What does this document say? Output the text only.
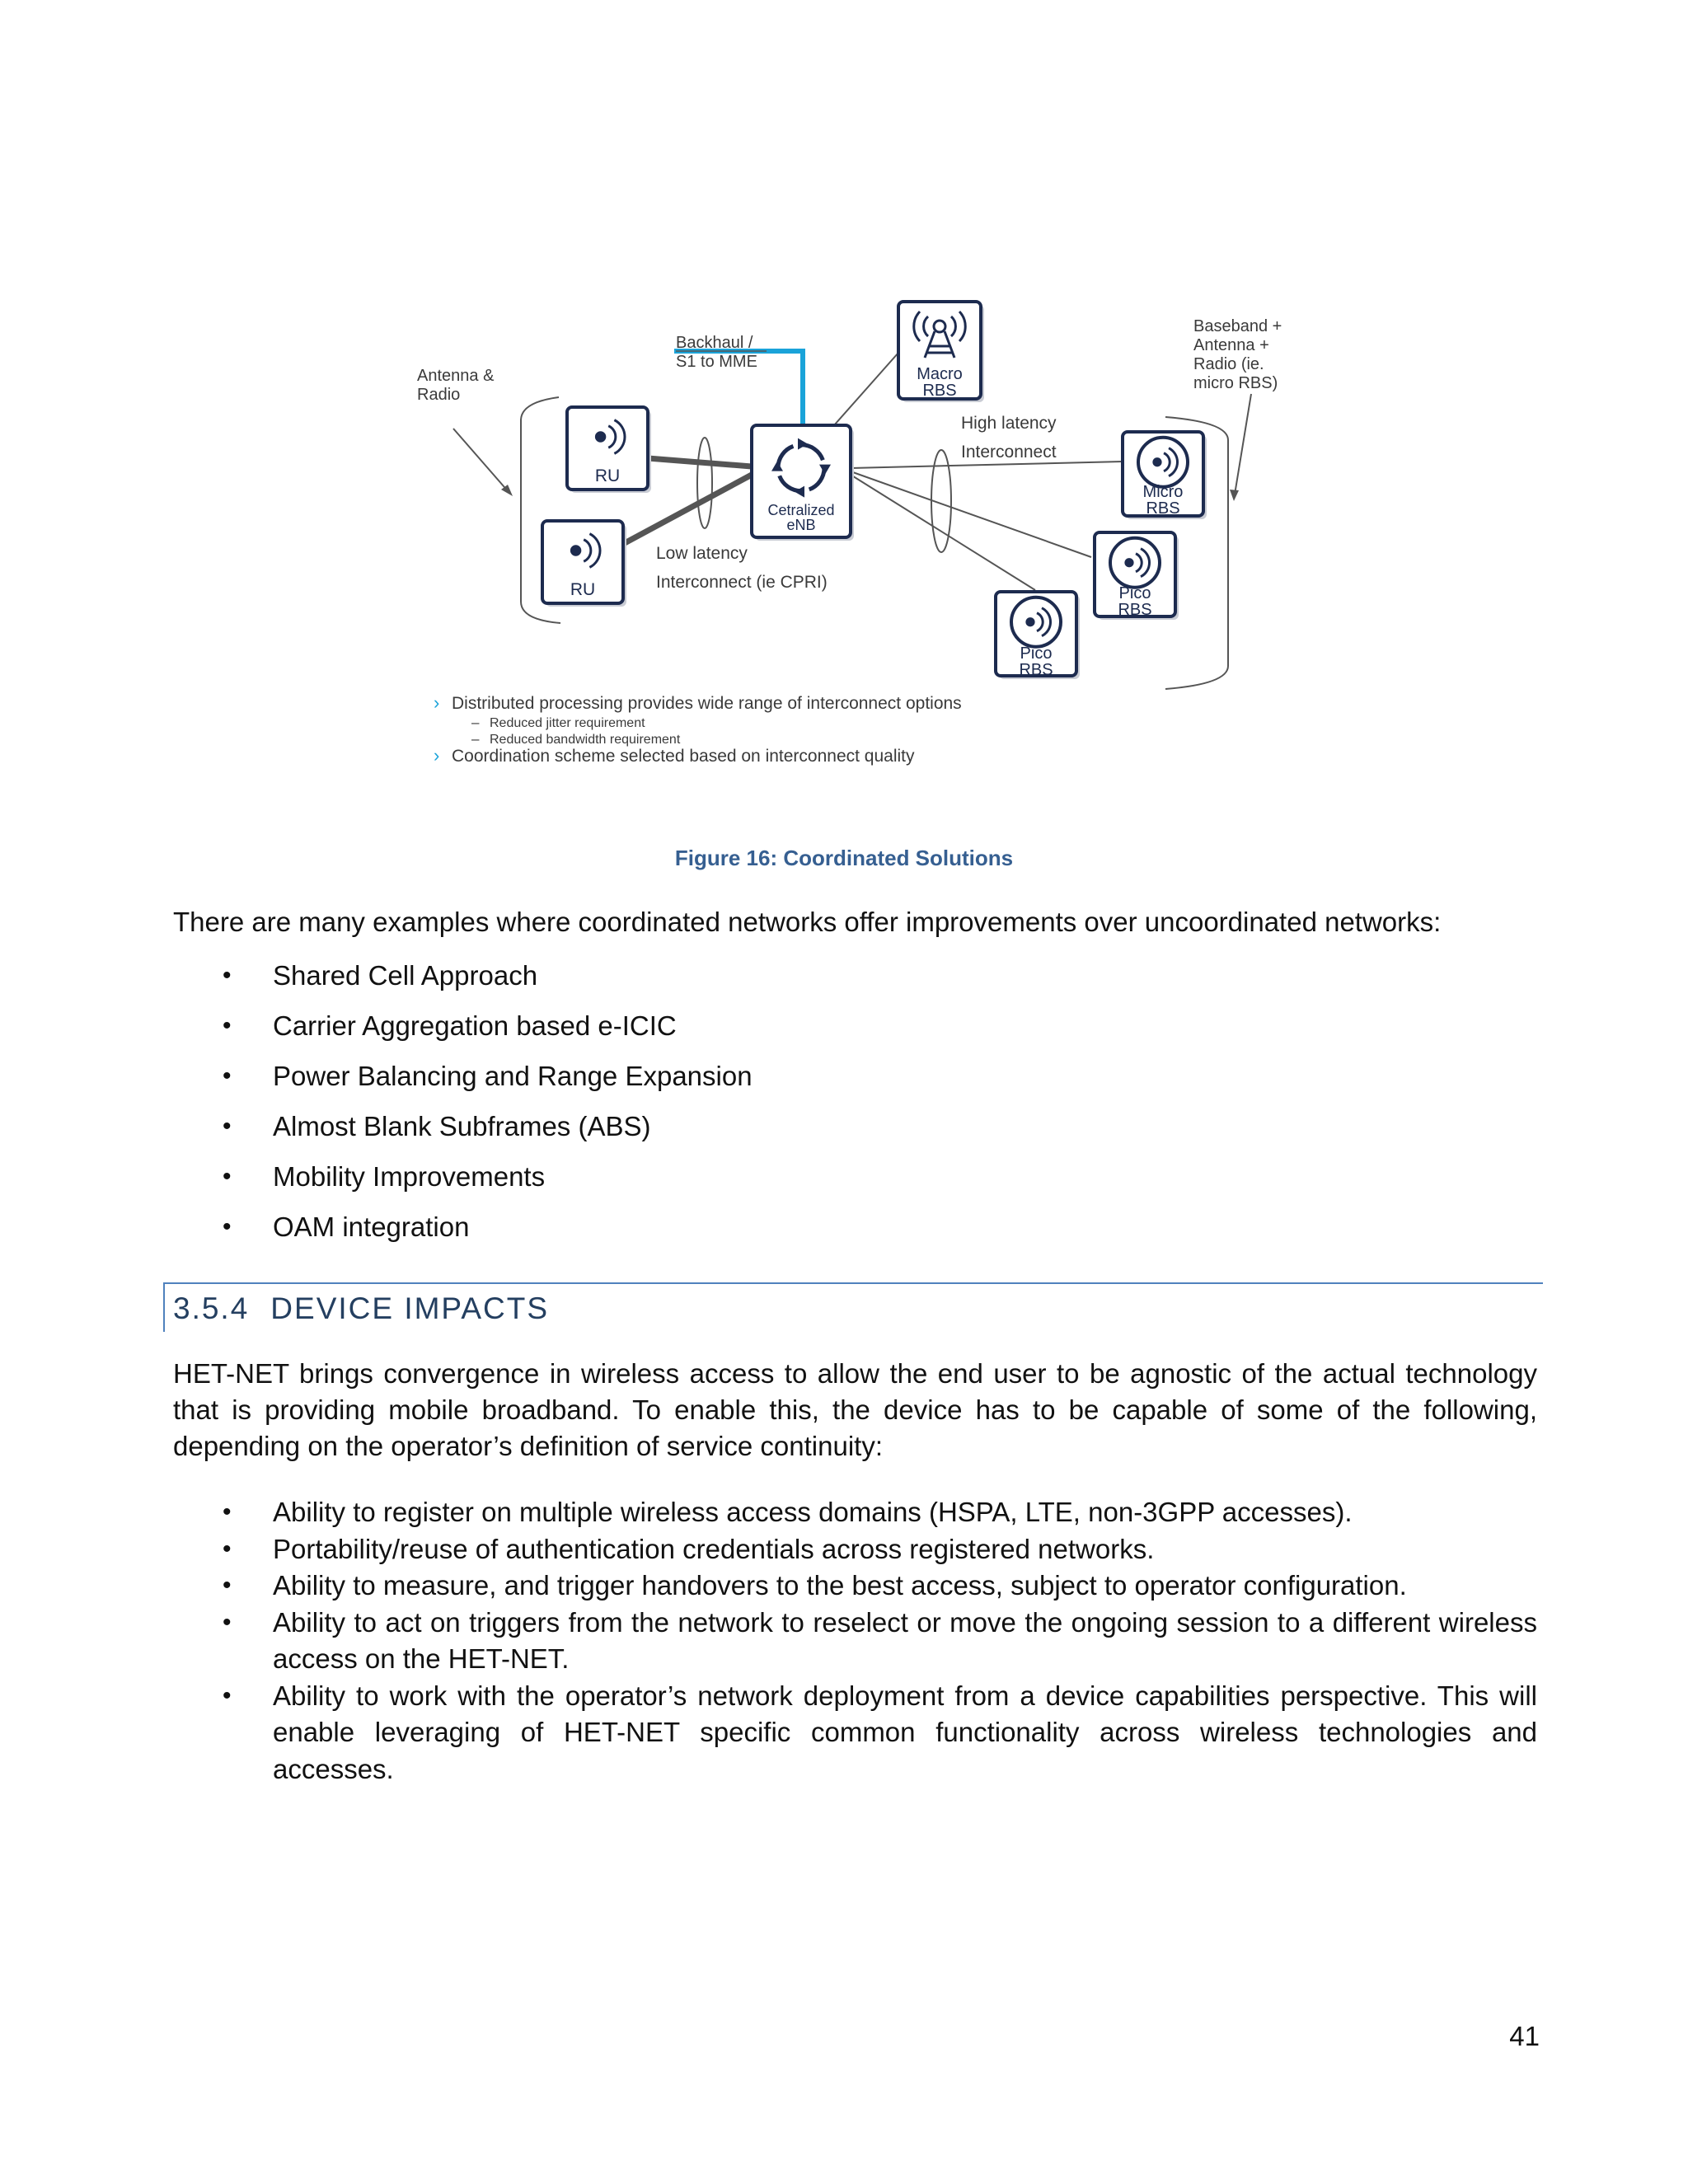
RU
RU
Cetralized
eNB
Macro
RBS
Micro
RBS
Pico
RBS
Pico
RBS
Antenna &
Radio
Backhaul /
S1 to MME
Baseband +
Antenna +
Radio (ie.
micro RBS)
High latency
Interconnect
Low latency
Interconnect (ie CPRI)
› Distributed processing provides wide range of interconnect options
– Reduced jitter requirement
– Reduced bandwidth requirement
› Coordination scheme selected based on interconnect quality
Figure 16: Coordinated Solutions
There are many examples where coordinated networks offer improvements over uncoordinated networks:
• Shared Cell Approach
• Carrier Aggregation based e-ICIC
• Power Balancing and Range Expansion
• Almost Blank Subframes (ABS)
• Mobility Improvements
• OAM integration
3.5.4 DEVICE IMPACTS
HET-NET brings convergence in wireless access to allow the end user to be agnostic of the actual technology that is providing mobile broadband. To enable this, the device has to be capable of some of the following, depending on the operator’s definition of service continuity:
• Ability to register on multiple wireless access domains (HSPA, LTE, non-3GPP accesses).
• Portability/reuse of authentication credentials across registered networks.
• Ability to measure, and trigger handovers to the best access, subject to operator configuration.
• Ability to act on triggers from the network to reselect or move the ongoing session to a different wireless access on the HET-NET.
• Ability to work with the operator’s network deployment from a device capabilities perspective. This will enable leveraging of HET-NET specific common functionality across wireless technologies and accesses.
41
